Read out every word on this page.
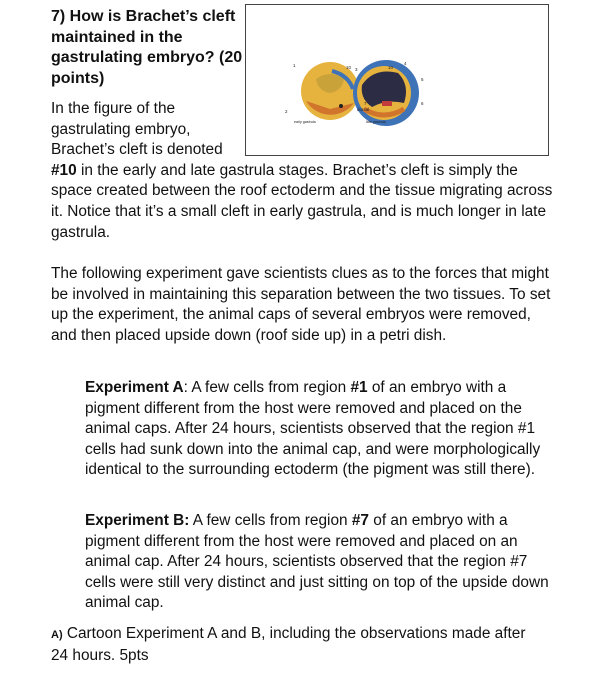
7) How is Brachet’s cleft maintained in the gastrulating embryo? (20 points)
1
2
3
4
5
6
7
10	10
dorsal
early gastrula	late gastrula
In the figure of the gastrulating embryo, Brachet’s cleft is denoted #10 in the early and late gastrula stages. Brachet’s cleft is simply the space created between the roof ectoderm and the tissue migrating across it. Notice that it’s a small cleft in early gastrula, and is much longer in late gastrula.

The following experiment gave scientists clues as to the forces that might be involved in maintaining this separation between the two tissues. To set up the experiment, the animal caps of several embryos were removed, and then placed upside down (roof side up) in a petri dish.

Experiment A: A few cells from region #1 of an embryo with a pigment different from the host were removed and placed on the animal caps. After 24 hours, scientists observed that the region #1 cells had sunk down into the animal cap, and were morphologically identical to the surrounding ectoderm (the pigment was still there).

Experiment B: A few cells from region #7 of an embryo with a pigment different from the host were removed and placed on an animal cap. After 24 hours, scientists observed that the region #7 cells were still very distinct and just sitting on top of the upside down animal cap.

A) Cartoon Experiment A and B, including the observations made after 24 hours. 5pts
